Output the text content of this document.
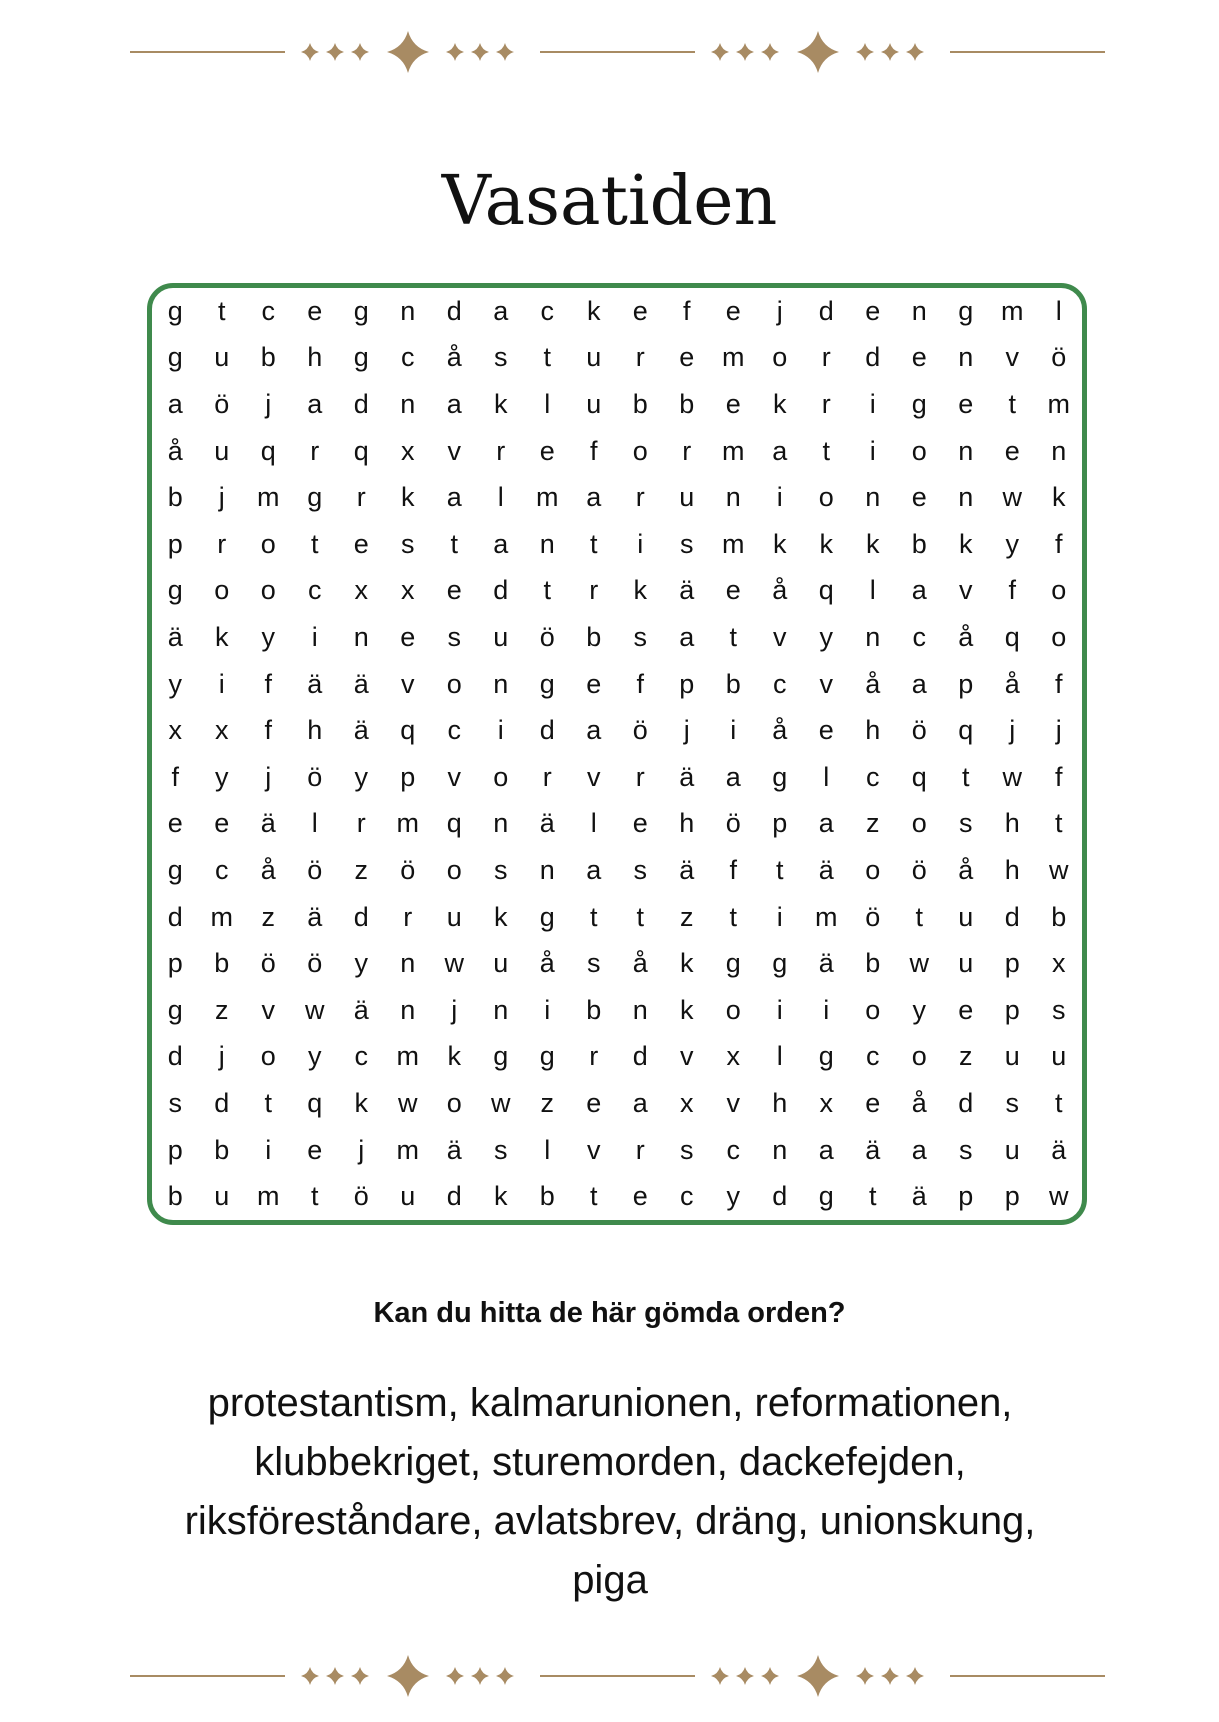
Vasatiden
g	t	c	e	g	n	d	a	c	k	e	f	e	j	d	e	n	g	m	l
g	u	b	h	g	c	å	s	t	u	r	e	m	o	r	d	e	n	v	ö
a	ö	j	a	d	n	a	k	l	u	b	b	e	k	r	i	g	e	t	m
å	u	q	r	q	x	v	r	e	f	o	r	m	a	t	i	o	n	e	n
b	j	m	g	r	k	a	l	m	a	r	u	n	i	o	n	e	n	w	k
p	r	o	t	e	s	t	a	n	t	i	s	m	k	k	k	b	k	y	f
g	o	o	c	x	x	e	d	t	r	k	ä	e	å	q	l	a	v	f	o
ä	k	y	i	n	e	s	u	ö	b	s	a	t	v	y	n	c	å	q	o
y	i	f	ä	ä	v	o	n	g	e	f	p	b	c	v	å	a	p	å	f
x	x	f	h	ä	q	c	i	d	a	ö	j	i	å	e	h	ö	q	j	j
f	y	j	ö	y	p	v	o	r	v	r	ä	a	g	l	c	q	t	w	f
e	e	ä	l	r	m	q	n	ä	l	e	h	ö	p	a	z	o	s	h	t
g	c	å	ö	z	ö	o	s	n	a	s	ä	f	t	ä	o	ö	å	h	w
d	m	z	ä	d	r	u	k	g	t	t	z	t	i	m	ö	t	u	d	b
p	b	ö	ö	y	n	w	u	å	s	å	k	g	g	ä	b	w	u	p	x
g	z	v	w	ä	n	j	n	i	b	n	k	o	i	i	o	y	e	p	s
d	j	o	y	c	m	k	g	g	r	d	v	x	l	g	c	o	z	u	u
s	d	t	q	k	w	o	w	z	e	a	x	v	h	x	e	å	d	s	t
p	b	i	e	j	m	ä	s	l	v	r	s	c	n	a	ä	a	s	u	ä
b	u	m	t	ö	u	d	k	b	t	e	c	y	d	g	t	ä	p	p	w
Kan du hitta de här gömda orden?
protestantism, kalmarunionen, reformationen,
klubbekriget, sturemorden, dackefejden,
riksföreståndare, avlatsbrev, dräng, unionskung,
piga
